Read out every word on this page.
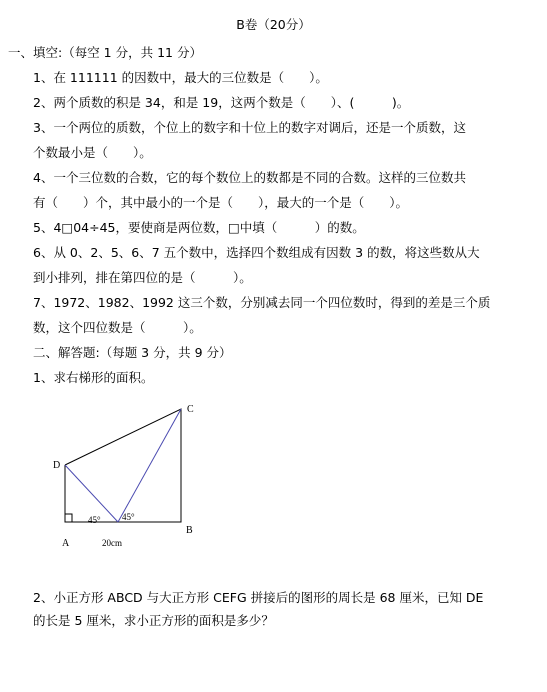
B卷（20分）
一、填空:（每空 1 分，共 11 分）
1、在 111111 的因数中，最大的三位数是（　　）。
2、两个质数的积是 34，和是 19，这两个数是（　　）、(　　　)。
3、一个两位的质数，个位上的数字和十位上的数字对调后，还是一个质数，这
个数最小是（　　）。
4、一个三位数的合数，它的每个数位上的数都是不同的合数。这样的三位数共
有（　　）个，其中最小的一个是（　　），最大的一个是（　　）。
5、4□04÷45，要使商是两位数，□中填（　　　）的数。
6、从 0、2、5、6、7 五个数中，选择四个数组成有因数 3 的数，将这些数从大
到小排列，排在第四位的是（　　　）。
7、1972、1982、1992 这三个数，分别减去同一个四位数时，得到的差是三个质
数，这个四位数是（　　　）。
二、解答题:（每题 3 分，共 9 分）
1、求右梯形的面积。
C
D
A
B
45° 45°
20cm
2、小正方形 ABCD 与大正方形 CEFG 拼接后的图形的周长是 68 厘米，已知 DE
的长是 5 厘米，求小正方形的面积是多少？
